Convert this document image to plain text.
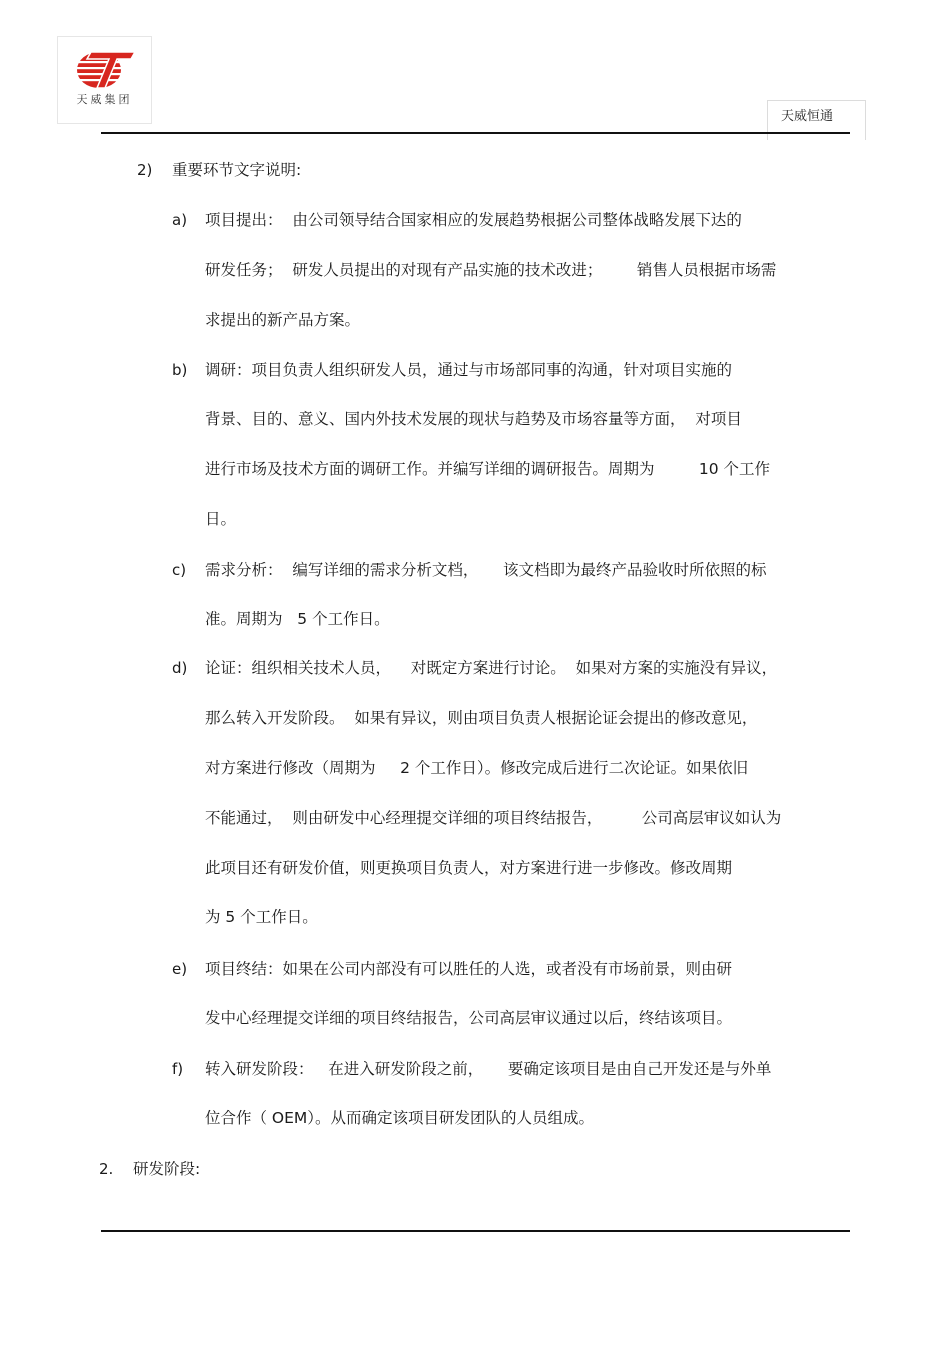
天威集团
天威恒通
2) 重要环节文字说明:
a) 项目提出：  由公司领导结合国家相应的发展趋势根据公司整体战略发展下达的
研发任务；  研发人员提出的对现有产品实施的技术改进；       销售人员根据市场需
求提出的新产品方案。
b) 调研：项目负责人组织研发人员，通过与市场部同事的沟通，针对项目实施的
背景、目的、意义、国内外技术发展的现状与趋势及市场容量等方面，  对项目
进行市场及技术方面的调研工作。并编写详细的调研报告。周期为         10 个工作
日。
c) 需求分析：  编写详细的需求分析文档，     该文档即为最终产品验收时所依照的标
准。周期为   5 个工作日。
d) 论证：组织相关技术人员，    对既定方案进行讨论。  如果对方案的实施没有异议，
那么转入开发阶段。  如果有异议，则由项目负责人根据论证会提出的修改意见，
对方案进行修改（周期为     2 个工作日）。修改完成后进行二次论证。如果依旧
不能通过，  则由研发中心经理提交详细的项目终结报告，        公司高层审议如认为
此项目还有研发价值，则更换项目负责人，对方案进行进一步修改。修改周期
为 5 个工作日。
e) 项目终结：如果在公司内部没有可以胜任的人选，或者没有市场前景，则由研
发中心经理提交详细的项目终结报告，公司高层审议通过以后，终结该项目。
f) 转入研发阶段：   在进入研发阶段之前，     要确定该项目是由自己开发还是与外单
位合作（ OEM）。从而确定该项目研发团队的人员组成。
2. 研发阶段:
